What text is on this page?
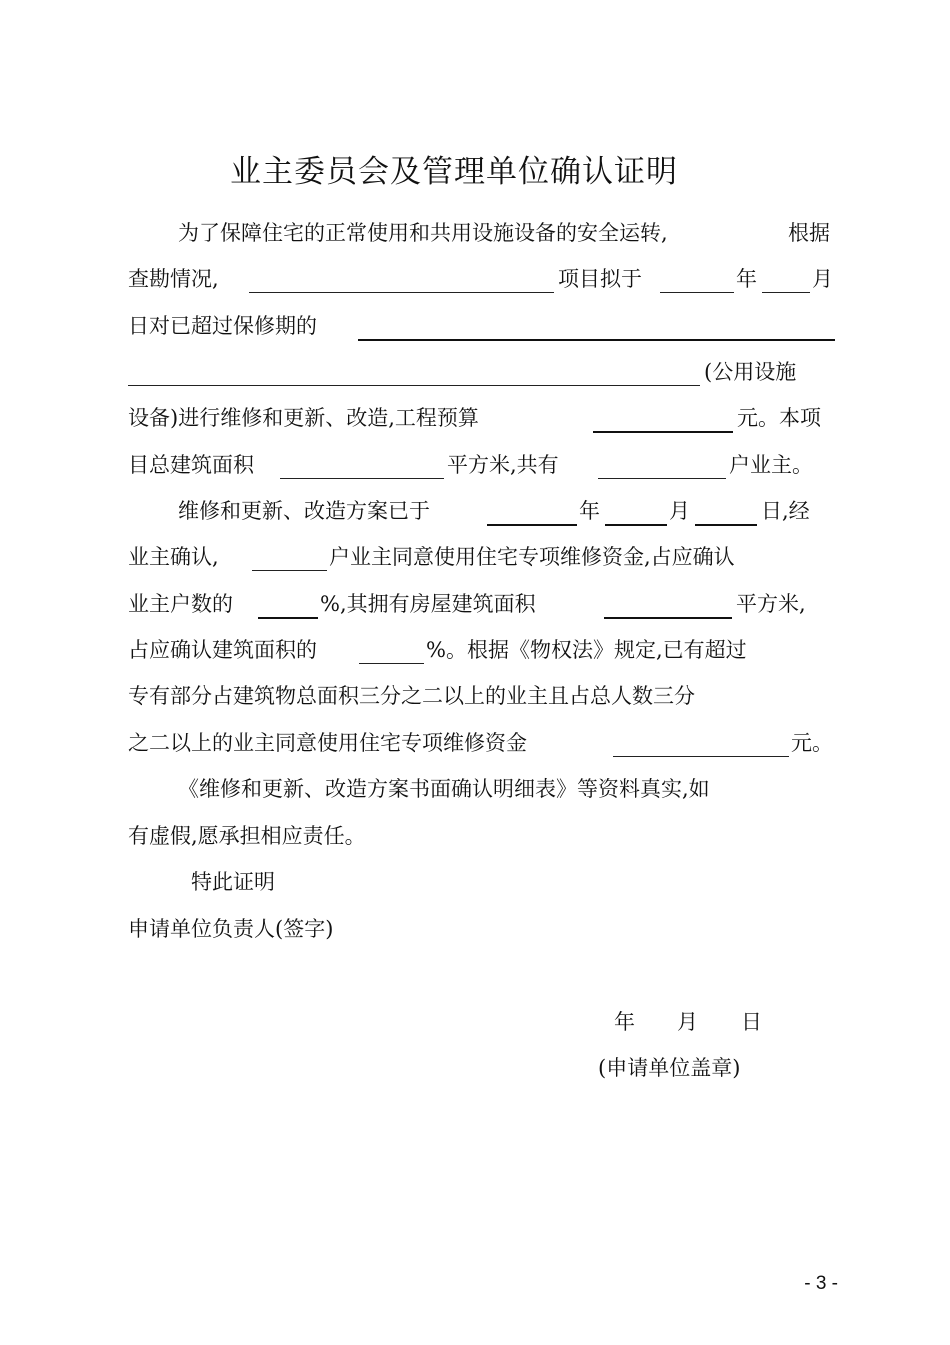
业主委员会及管理单位确认证明
为了保障住宅的正常使用和共用设施设备的安全运转,	根据
查勘情况,	项目拟于	年	月
日对已超过保修期的
(公用设施
设备)进行维修和更新、改造,工程预算	元。本项
目总建筑面积	平方米,共有	户业主。
维修和更新、改造方案已于	年	月	日,经
业主确认,	户业主同意使用住宅专项维修资金,占应确认
业主户数的	%,其拥有房屋建筑面积	平方米,
占应确认建筑面积的	%。根据《物权法》规定,已有超过
专有部分占建筑物总面积三分之二以上的业主且占总人数三分
之二以上的业主同意使用住宅专项维修资金	元。
《维修和更新、改造方案书面确认明细表》等资料真实,如
有虚假,愿承担相应责任。
特此证明
申请单位负责人(签字)
年 月 日
(申请单位盖章)
- 3 -
